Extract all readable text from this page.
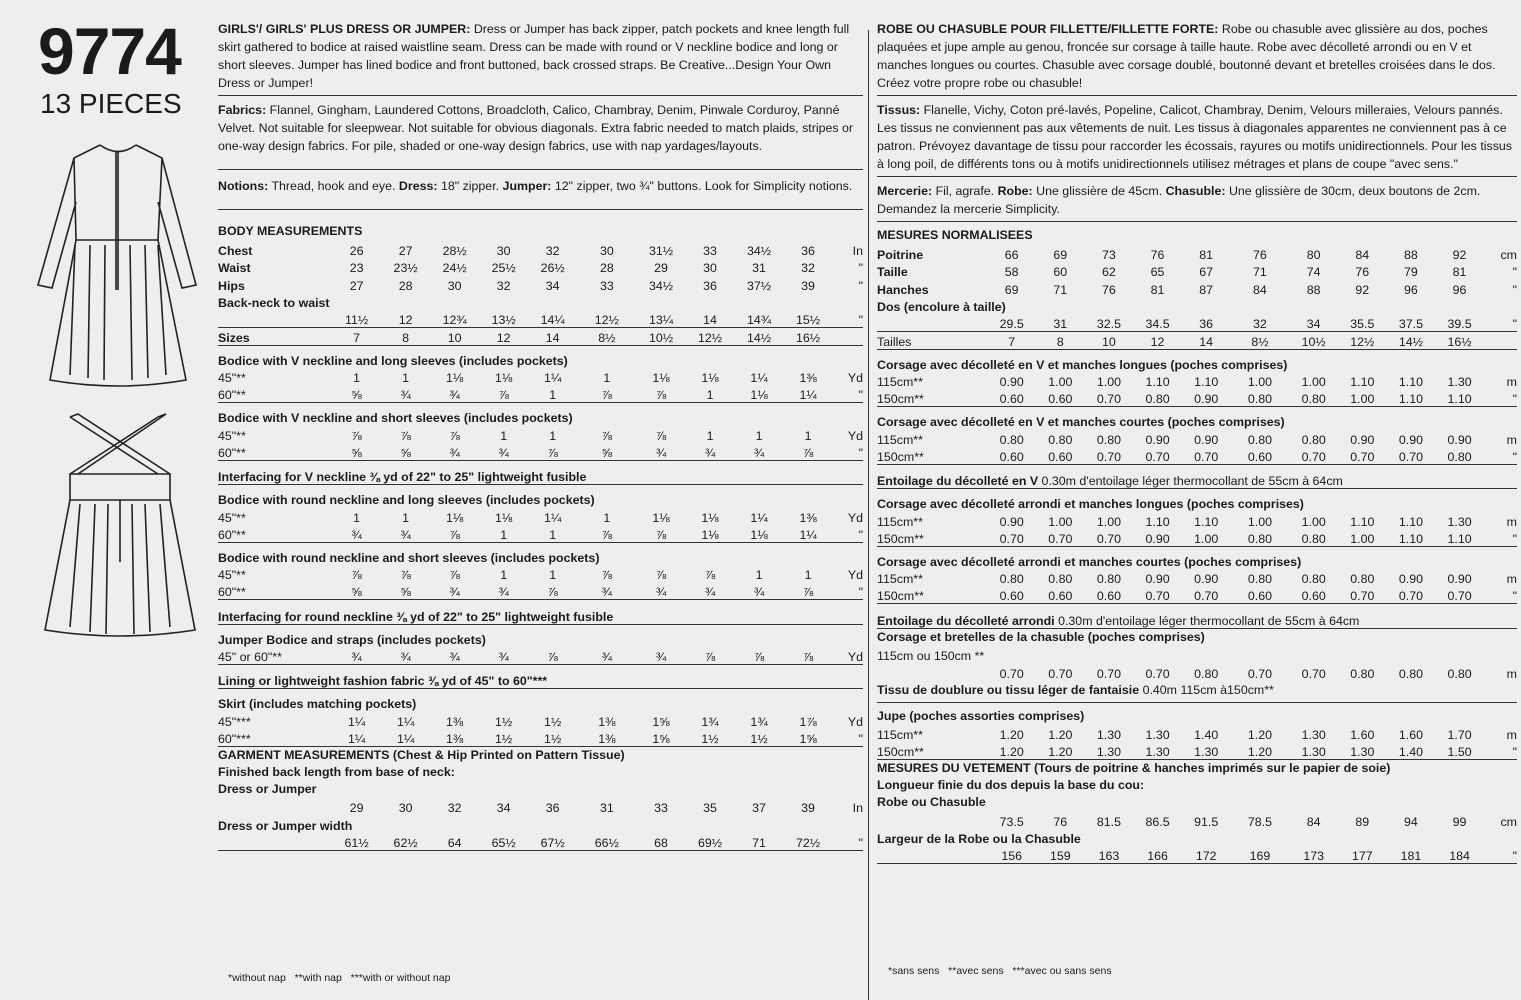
9774
13 PIECES
GIRLS'/ GIRLS' PLUS DRESS OR JUMPER: Dress or Jumper has back zipper, patch pockets and knee length full skirt gathered to bodice at raised waistline seam. Dress can be made with round or V neckline bodice and long or short sleeves. Jumper has lined bodice and front buttoned, back crossed straps. Be Creative...Design Your Own Dress or Jumper!
Fabrics: Flannel, Gingham, Laundered Cottons, Broadcloth, Calico, Chambray, Denim, Pinwale Corduroy, Panné Velvet. Not suitable for sleepwear. Not suitable for obvious diagonals. Extra fabric needed to match plaids, stripes or one-way design fabrics. For pile, shaded or one-way design fabrics, use with nap yardages/layouts.
Notions: Thread, hook and eye. Dress: 18" zipper. Jumper: 12" zipper, two ¾" buttons. Look for Simplicity notions.
BODY MEASUREMENTS
Chest	26	27	28½	30	32	30	31½	33	34½	36	In
Waist	23	23½	24½	25½	26½	28	29	30	31	32	"
Hips	27	28	30	32	34	33	34½	36	37½	39	"
Back-neck to waist											
	11½	12	12¾	13½	14¼	12½	13¼	14	14¾	15½	"
Sizes	7	8	10	12	14	8½	10½	12½	14½	16½	
Bodice with V neckline and long sleeves (includes pockets)											
45"**	1	1	1⅛	1⅛	1¼	1	1⅛	1⅛	1¼	1⅜	Yd
60"**	⅝	¾	¾	⅞	1	⅞	⅞	1	1⅛	1¼	"
Bodice with V neckline and short sleeves (includes pockets)											
45"**	⅞	⅞	⅞	1	1	⅞	⅞	1	1	1	Yd
60"**	⅝	⅝	¾	¾	⅞	⅝	¾	¾	¾	⅞	"
Interfacing for V neckline ⅜ yd of 22" to 25" lightweight fusible
Bodice with round neckline and long sleeves (includes pockets)											
45"**	1	1	1⅛	1⅛	1¼	1	1⅛	1⅛	1¼	1⅜	Yd
60"**	¾	¾	⅞	1	1	⅞	⅞	1⅛	1⅛	1¼	"
Bodice with round neckline and short sleeves (includes pockets)											
45"**	⅞	⅞	⅞	1	1	⅞	⅞	⅞	1	1	Yd
60"**	⅝	⅝	¾	¾	⅞	¾	¾	¾	¾	⅞	"
Interfacing for round neckline ⅜ yd of 22" to 25" lightweight fusible
Jumper Bodice and straps (includes pockets)
45" or 60"**	¾	¾	¾	¾	⅞	¾	¾	⅞	⅞	⅞	Yd
Lining or lightweight fashion fabric ⅜ yd of 45" to 60"***
Skirt (includes matching pockets)											
45"***	1¼	1¼	1⅜	1½	1½	1⅜	1⅝	1¾	1¾	1⅞	Yd
60"***	1¼	1¼	1⅜	1½	1½	1⅜	1⅝	1½	1½	1⅝	"
GARMENT MEASUREMENTS (Chest & Hip Printed on Pattern Tissue)
Finished back length from base of neck:
Dress or Jumper
	29	30	32	34	36	31	33	35	37	39	In
Dress or Jumper width											
	61½	62½	64	65½	67½	66½	68	69½	71	72½	"
ROBE OU CHASUBLE POUR FILLETTE/FILLETTE FORTE: Robe ou chasuble avec glissière au dos, poches plaquées et jupe ample au genou, froncée sur corsage à taille haute. Robe avec décolleté arrondi ou en V et manches longues ou courtes. Chasuble avec corsage doublé, boutonné devant et bretelles croisées dans le dos. Créez votre propre robe ou chasuble!
Tissus: Flanelle, Vichy, Coton pré-lavés, Popeline, Calicot, Chambray, Denim, Velours milleraies, Velours pannés. Les tissus ne conviennent pas aux vêtements de nuit. Les tissus à diagonales apparentes ne conviennent pas à ce patron. Prévoyez davantage de tissu pour raccorder les écossais, rayures ou motifs unidirectionnels. Pour les tissus à long poil, de différents tons ou à motifs unidirectionnels utilisez métrages et plans de coupe "avec sens."
Mercerie: Fil, agrafe. Robe: Une glissière de 45cm. Chasuble: Une glissière de 30cm, deux boutons de 2cm. Demandez la mercerie Simplicity.
MESURES NORMALISEES
Poitrine	66	69	73	76	81	76	80	84	88	92	cm
Taille	58	60	62	65	67	71	74	76	79	81	"
Hanches	69	71	76	81	87	84	88	92	96	96	"
Dos (encolure à taille)											
	29.5	31	32.5	34.5	36	32	34	35.5	37.5	39.5	"
Tailles	7	8	10	12	14	8½	10½	12½	14½	16½	
Corsage avec décolleté en V et manches longues (poches comprises)											
115cm**	0.90	1.00	1.00	1.10	1.10	1.00	1.00	1.10	1.10	1.30	m
150cm**	0.60	0.60	0.70	0.80	0.90	0.80	0.80	1.00	1.10	1.10	"
Corsage avec décolleté en V et manches courtes (poches comprises)											
115cm**	0.80	0.80	0.80	0.90	0.90	0.80	0.80	0.90	0.90	0.90	m
150cm**	0.60	0.60	0.70	0.70	0.70	0.60	0.70	0.70	0.70	0.80	"
Entoilage du décolleté en V 0.30m d'entoilage léger thermocollant de 55cm à 64cm
Corsage avec décolleté arrondi et manches longues (poches comprises)											
115cm**	0.90	1.00	1.00	1.10	1.10	1.00	1.00	1.10	1.10	1.30	m
150cm**	0.70	0.70	0.70	0.90	1.00	0.80	0.80	1.00	1.10	1.10	"
Corsage avec décolleté arrondi et manches courtes (poches comprises)											
115cm**	0.80	0.80	0.80	0.90	0.90	0.80	0.80	0.80	0.90	0.90	m
150cm**	0.60	0.60	0.60	0.70	0.70	0.60	0.60	0.70	0.70	0.70	"
Entoilage du décolleté arrondi 0.30m d'entoilage léger thermocollant de 55cm à 64cm
Corsage et bretelles de la chasuble (poches comprises)
115cm ou 150cm **
	0.70	0.70	0.70	0.70	0.80	0.70	0.70	0.80	0.80	0.80	m
Tissu de doublure ou tissu léger de fantaisie 0.40m 115cm à150cm**
Jupe (poches assorties comprises)
115cm**	1.20	1.20	1.30	1.30	1.40	1.20	1.30	1.60	1.60	1.70	m
150cm**	1.20	1.20	1.30	1.30	1.30	1.20	1.30	1.30	1.40	1.50	"
MESURES DU VETEMENT (Tours de poitrine & hanches imprimés sur le papier de soie)
Longueur finie du dos depuis la base du cou:
Robe ou Chasuble
	73.5	76	81.5	86.5	91.5	78.5	84	89	94	99	cm
Largeur de la Robe ou la Chasuble											
	156	159	163	166	172	169	173	177	181	184	"
*without nap **with nap ***with or without nap
*sans sens **avec sens ***avec ou sans sens
